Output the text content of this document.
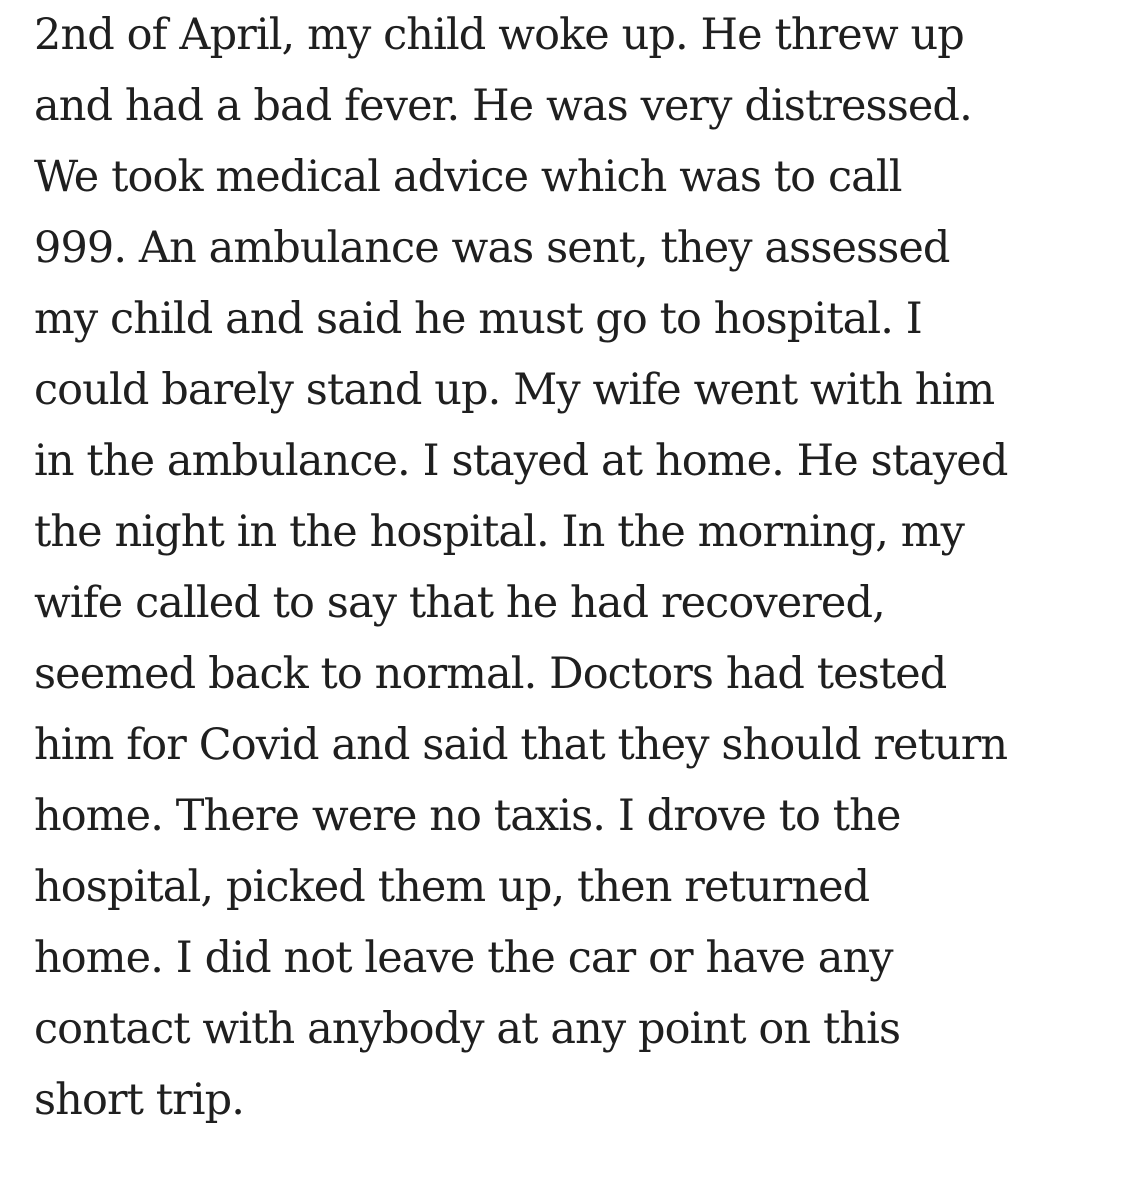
2nd of April, my child woke up. He threw up
and had a bad fever. He was very distressed.
We took medical advice which was to call
999. An ambulance was sent, they assessed
my child and said he must go to hospital. I
could barely stand up. My wife went with him
in the ambulance. I stayed at home. He stayed
the night in the hospital. In the morning, my
wife called to say that he had recovered,
seemed back to normal. Doctors had tested
him for Covid and said that they should return
home. There were no taxis. I drove to the
hospital, picked them up, then returned
home. I did not leave the car or have any
contact with anybody at any point on this
short trip.
